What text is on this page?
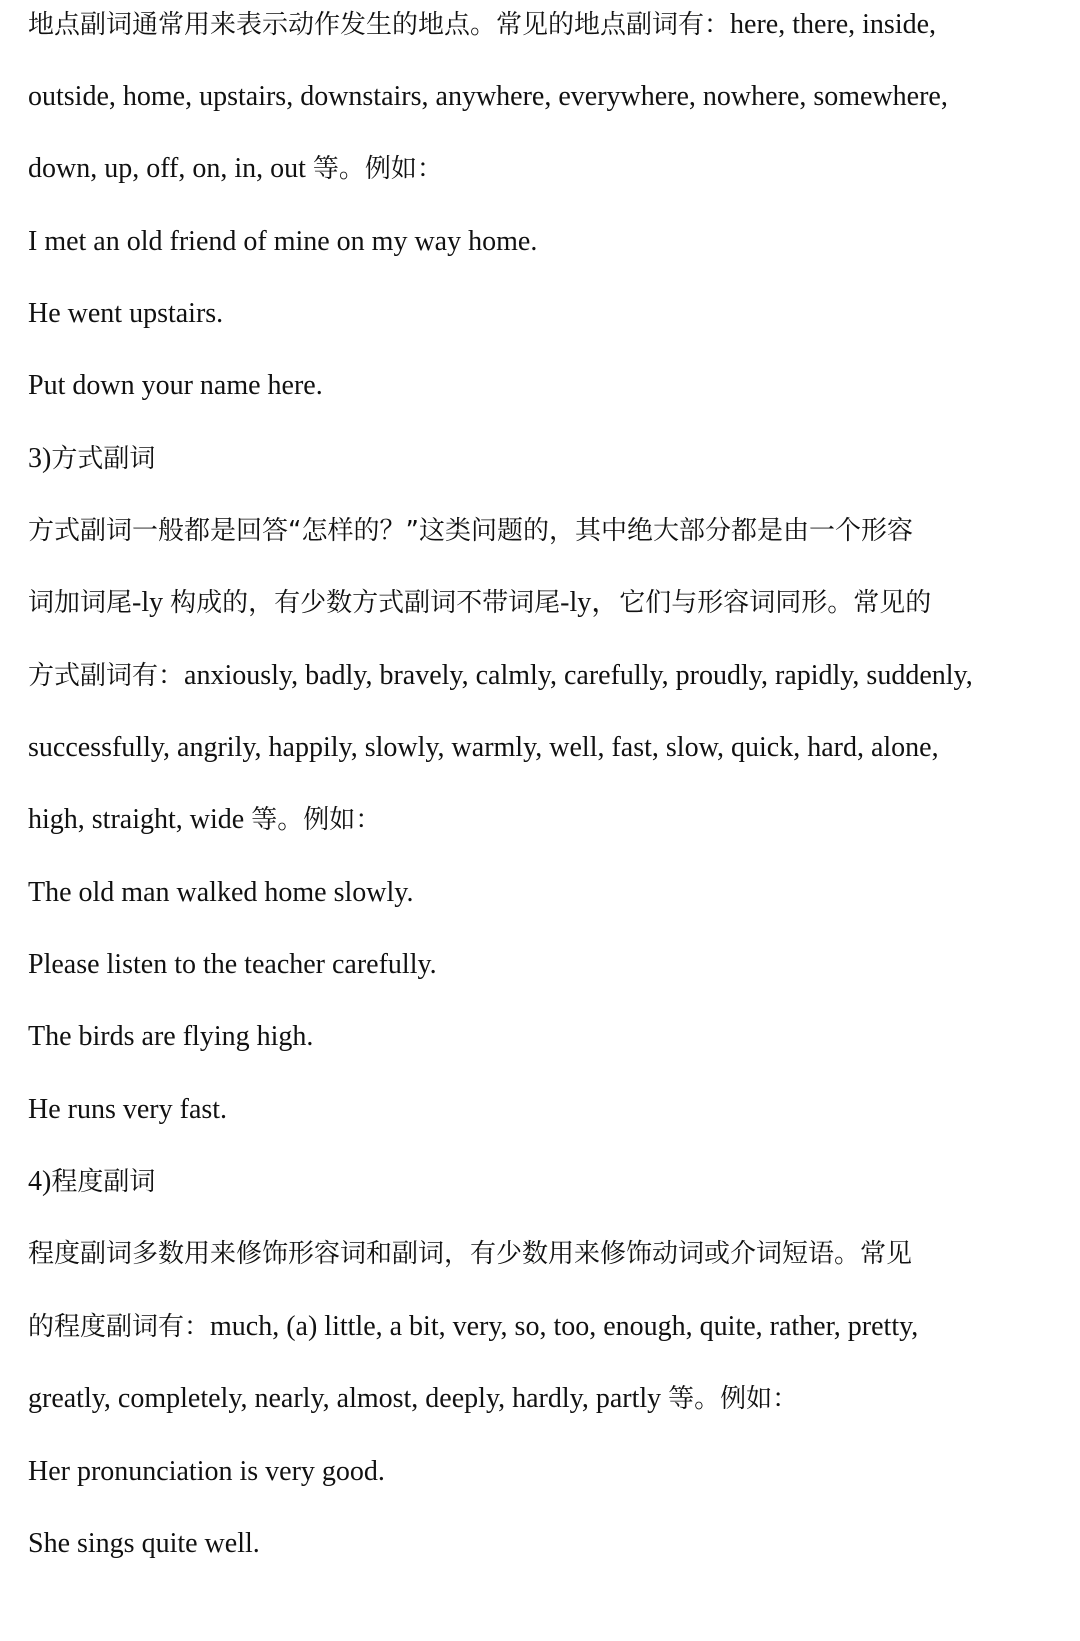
地点副词通常用来表示动作发生的地点。常见的地点副词有：here, there, inside,
outside, home, upstairs, downstairs, anywhere, everywhere, nowhere, somewhere,
down, up, off, on, in, out 等。例如：
I met an old friend of mine on my way home.
He went upstairs.
Put down your name here.
3)方式副词
方式副词一般都是回答“怎样的？”这类问题的，其中绝大部分都是由一个形容
词加词尾-ly 构成的，有少数方式副词不带词尾-ly，它们与形容词同形。常见的
方式副词有：anxiously, badly, bravely, calmly, carefully, proudly, rapidly, suddenly,
successfully, angrily, happily, slowly, warmly, well, fast, slow, quick, hard, alone,
high, straight, wide 等。例如：
The old man walked home slowly.
Please listen to the teacher carefully.
The birds are flying high.
He runs very fast.
4)程度副词
程度副词多数用来修饰形容词和副词，有少数用来修饰动词或介词短语。常见
的程度副词有：much, (a) little, a bit, very, so, too, enough, quite, rather, pretty,
greatly, completely, nearly, almost, deeply, hardly, partly 等。例如：
Her pronunciation is very good.
She sings quite well.
